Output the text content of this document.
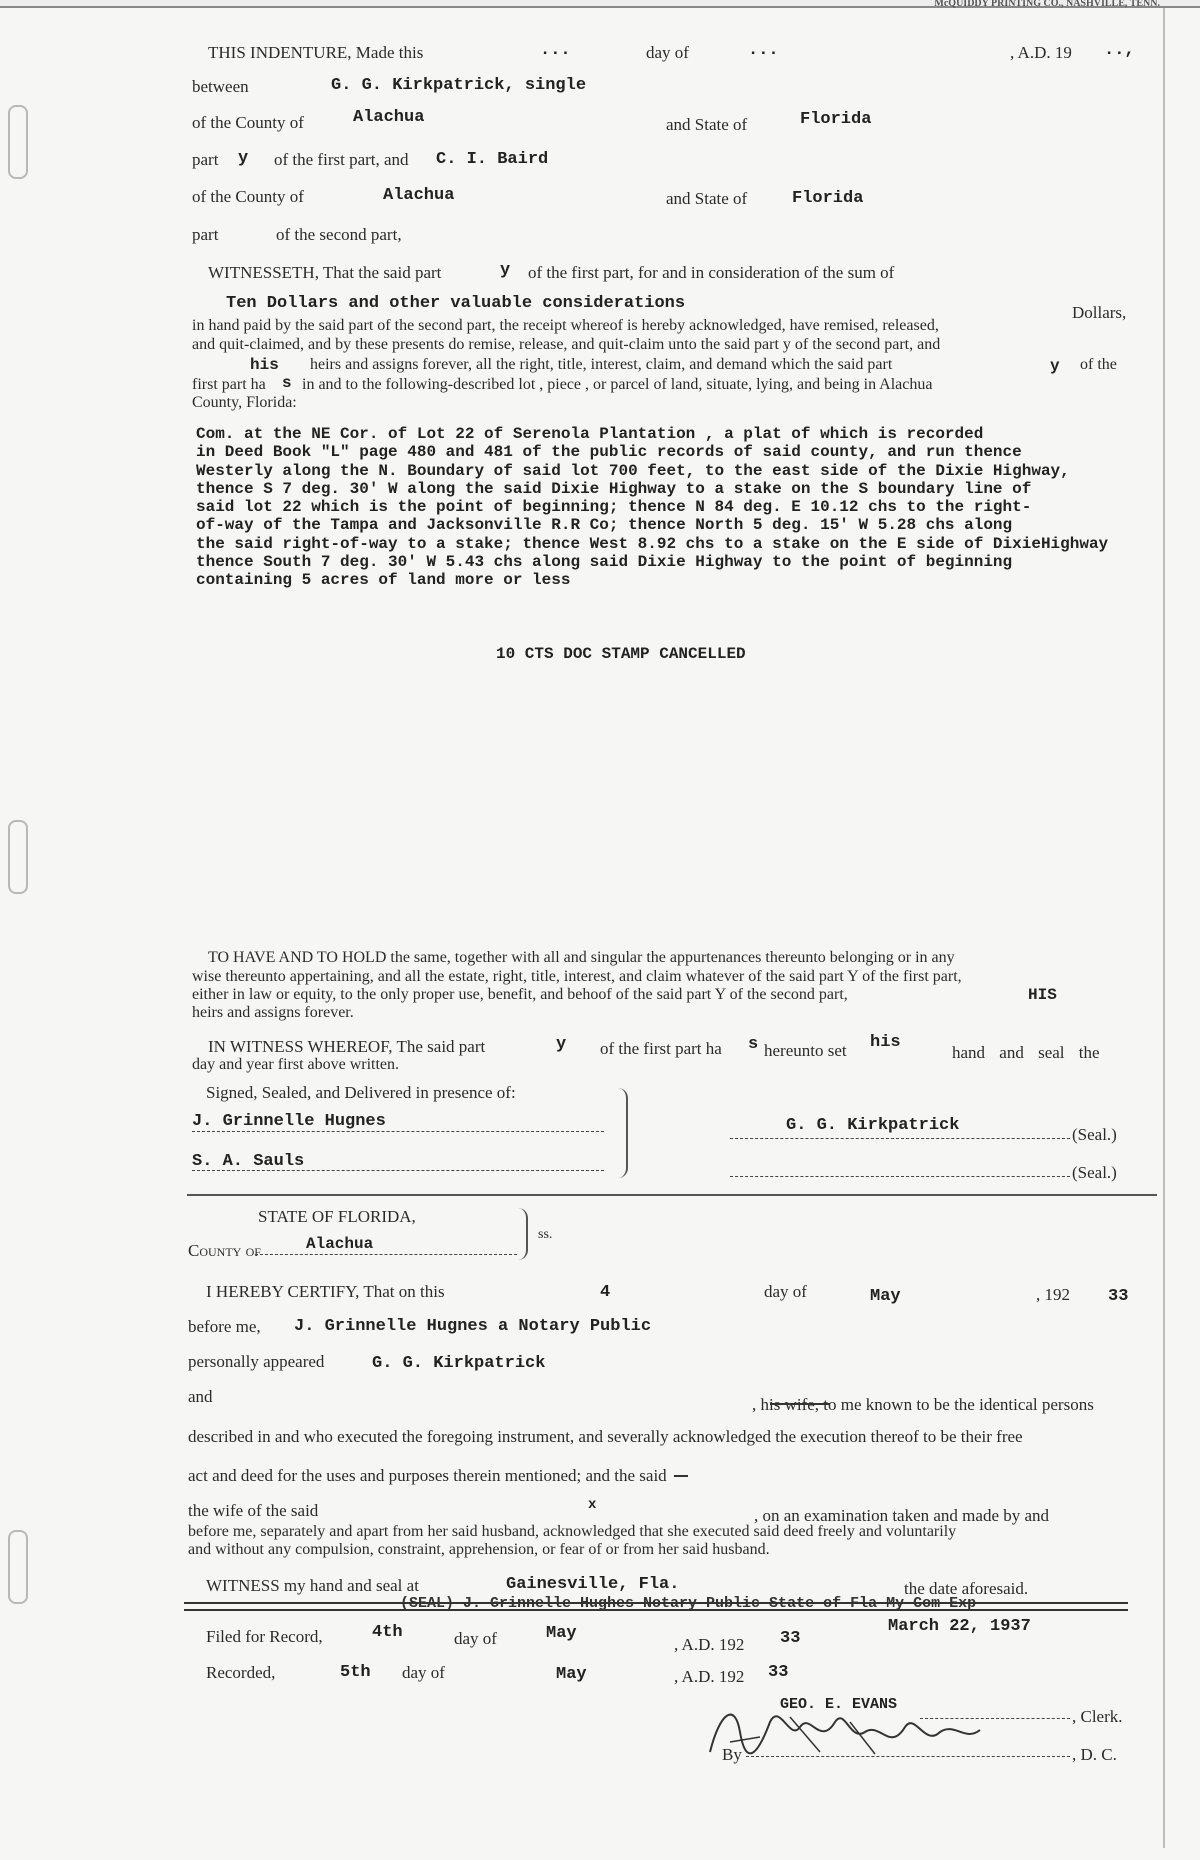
McQUIDDY PRINTING CO., NASHVILLE, TENN.
THIS INDENTURE, Made this	...	day of	...	, A.D. 19 ..,
between	G. G. Kirkpatrick, single
of the County of	Alachua	and State of	Florida
part y of the first part, and C. I. Baird
of the County of	Alachua	and State of	Florida
part	of the second part,
WITNESSETH, That the said part	y of the first part, for and in consideration of the sum of
Ten Dollars and other valuable considerations	Dollars,
in hand paid by the said part of the second part, the receipt whereof is hereby acknowledged, have remised, released,
and quit-claimed, and by these presents do remise, release, and quit-claim unto the said part y of the second part, and
his heirs and assigns forever, all the right, title, interest, claim, and demand which the said part	y of the
first part ha s in and to the following-described lot , piece , or parcel of land, situate, lying, and being in Alachua
County, Florida:
Com. at the NE Cor. of Lot 22 of Serenola Plantation , a plat of which is recorded
in Deed Book "L" page 480 and 481 of the public records of said county, and run thence
Westerly along the N. Boundary of said lot 700 feet, to the east side of the Dixie Highway,
thence S 7 deg. 30' W along the said Dixie Highway to a stake on the S boundary line of
said lot 22 which is the point of beginning; thence N 84 deg. E 10.12 chs to the right-
of-way of the Tampa and Jacksonville R.R Co; thence North 5 deg. 15' W 5.28 chs along
the said right-of-way to a stake; thence West 8.92 chs to a stake on the E side of DixieHighway
thence South 7 deg. 30' W 5.43 chs along said Dixie Highway to the point of beginning
containing 5 acres of land more or less
10 CTS DOC STAMP CANCELLED
TO HAVE AND TO HOLD the same, together with all and singular the appurtenances thereunto belonging or in any
wise thereunto appertaining, and all the estate, right, title, interest, and claim whatever of the said part Y of the first part,
either in law or equity, to the only proper use, benefit, and behoof of the said part Y of the second part,	HIS
heirs and assigns forever.
IN WITNESS WHEREOF, The said part	y of the first part ha s hereunto set his
hand and seal the
day and year first above written.
Signed, Sealed, and Delivered in presence of:
J. Grinnelle Hugnes
S. A. Sauls
G. G. Kirkpatrick	(Seal.)
(Seal.)
STATE OF FLORIDA,
County of	Alachua
ss.
I HEREBY CERTIFY, That on this	4	day of	May	, 192 33
before me, J. Grinnelle Hugnes a Notary Public
personally appeared	G. G. Kirkpatrick
and	, his wife, to me known to be the identical persons
described in and who executed the foregoing instrument, and severally acknowledged the execution thereof to be their free
act and deed for the uses and purposes therein mentioned; and the said
the wife of the said	x
, on an examination taken and made by and
before me, separately and apart from her said husband, acknowledged that she executed said deed freely and voluntarily
and without any compulsion, constraint, apprehension, or fear of or from her said husband.
WITNESS my hand and seal at	Gainesville, Fla.	the date aforesaid.
(SEAL) J. Grinnelle Hughes Notary Public State of Fla My Com Exp
March 22, 1937
Filed for Record,	4th	day of	May
, A.D. 192 33
Recorded,	5th day of	May	, A.D. 192 33
GEO. E. EVANS
, Clerk.
By	, D. C.
